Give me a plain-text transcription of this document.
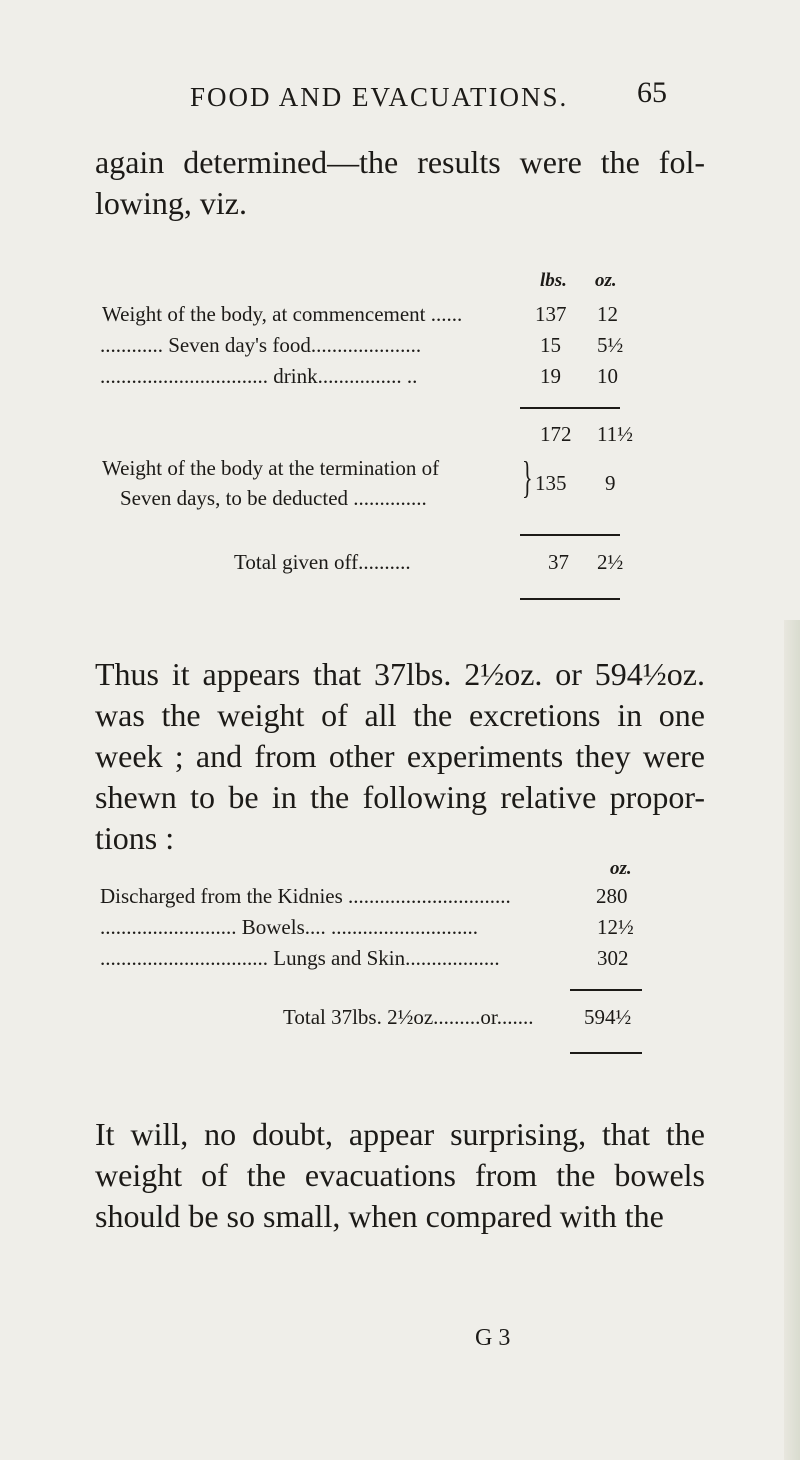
FOOD AND EVACUATIONS. 65

again determined—the results were the fol- lowing, viz.

lbs. oz.
Weight of the body, at commencement ......	137 12
............ Seven day's food.....................	15 5½
................................ drink................ ..	19 10
172 11½
Weight of the body at the termination of
Seven days, to be deducted .............. } 135 9
Total given off..........	37 2½

Thus it appears that 37lbs. 2½oz. or 594½oz. was the weight of all the excretions in one week ; and from other experiments they were shewn to be in the following relative propor- tions :

oz.
Discharged from the Kidnies ...............................	280
.......................... Bowels.... ............................	12½
................................ Lungs and Skin..................	302
Total 37lbs. 2½oz.........or....... 594½

It will, no doubt, appear surprising, that the weight of the evacuations from the bowels should be so small, when compared with the

G 3
